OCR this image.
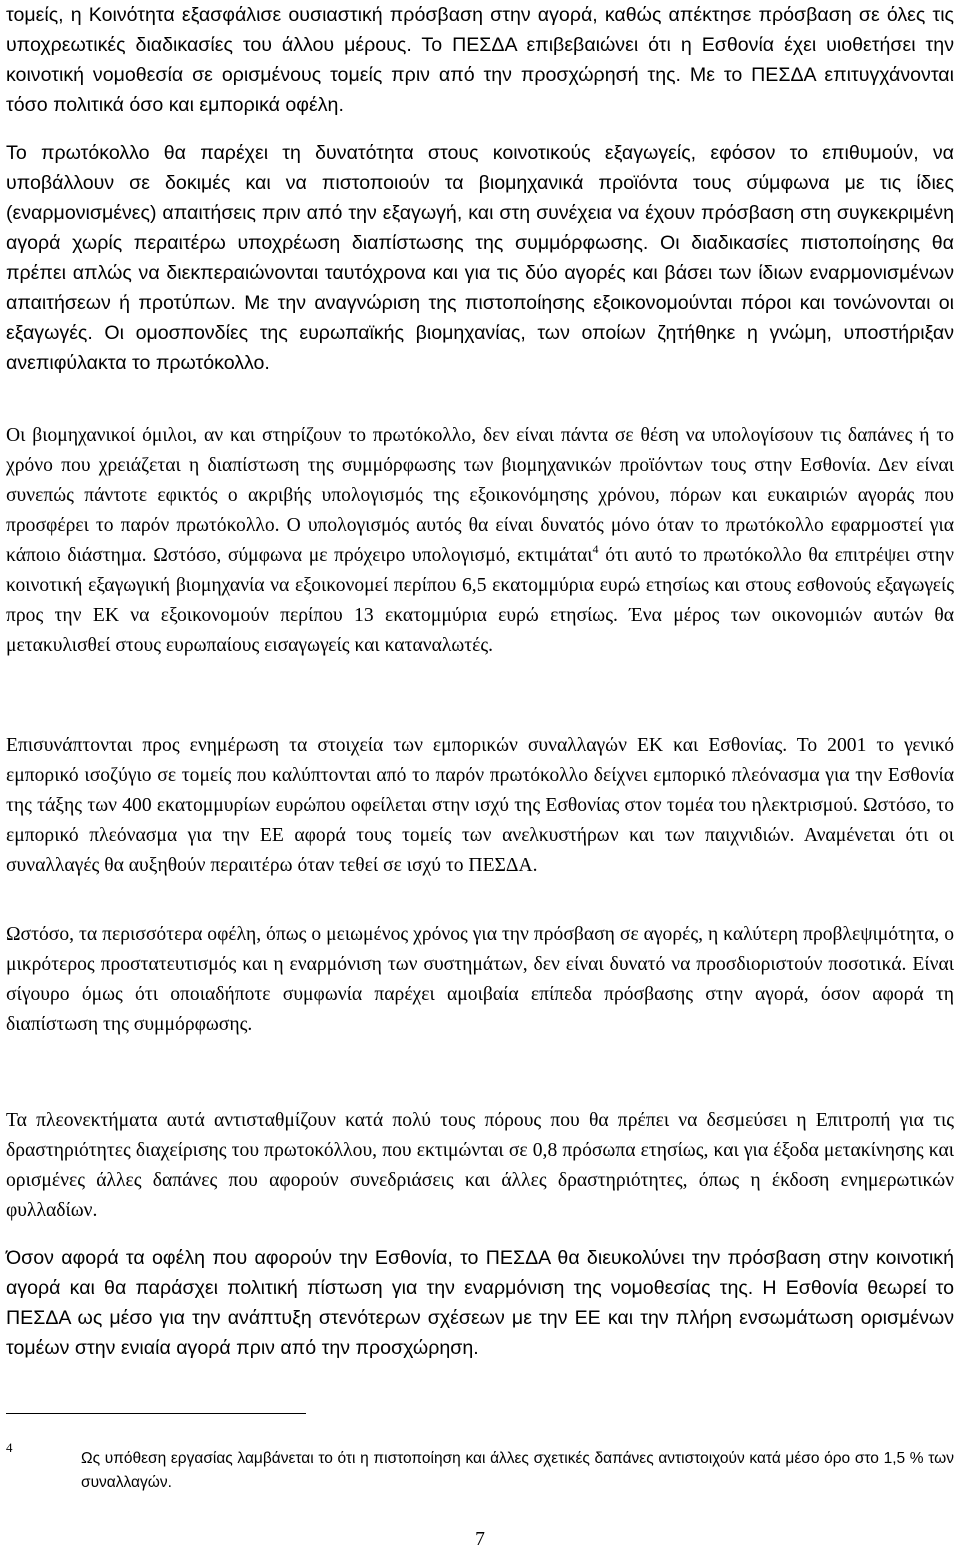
τομείς, η Κοινότητα εξασφάλισε ουσιαστική πρόσβαση στην αγορά, καθώς απέκτησε πρόσβαση σε όλες τις υποχρεωτικές διαδικασίες του άλλου μέρους. Το ΠΕΣΔΑ επιβεβαιώνει ότι η Εσθονία έχει υιοθετήσει την κοινοτική νομοθεσία σε ορισμένους τομείς πριν από την προσχώρησή της. Με το ΠΕΣΔΑ επιτυγχάνονται τόσο πολιτικά όσο και εμπορικά οφέλη.

Το πρωτόκολλο θα παρέχει τη δυνατότητα στους κοινοτικούς εξαγωγείς, εφόσον το επιθυμούν, να υποβάλλουν σε δοκιμές και να πιστοποιούν τα βιομηχανικά προϊόντα τους σύμφωνα με τις ίδιες (εναρμονισμένες) απαιτήσεις πριν από την εξαγωγή, και στη συνέχεια να έχουν πρόσβαση στη συγκεκριμένη αγορά χωρίς περαιτέρω υποχρέωση διαπίστωσης της συμμόρφωσης. Οι διαδικασίες πιστοποίησης θα πρέπει απλώς να διεκπεραιώνονται ταυτόχρονα και για τις δύο αγορές και βάσει των ίδιων εναρμονισμένων απαιτήσεων ή προτύπων. Με την αναγνώριση της πιστοποίησης εξοικονομούνται πόροι και τονώνονται οι εξαγωγές. Οι ομοσπονδίες της ευρωπαϊκής βιομηχανίας, των οποίων ζητήθηκε η γνώμη, υποστήριξαν ανεπιφύλακτα το πρωτόκολλο.

Οι βιομηχανικοί όμιλοι, αν και στηρίζουν το πρωτόκολλο, δεν είναι πάντα σε θέση να υπολογίσουν τις δαπάνες ή το χρόνο που χρειάζεται η διαπίστωση της συμμόρφωσης των βιομηχανικών προϊόντων τους στην Εσθονία. Δεν είναι συνεπώς πάντοτε εφικτός ο ακριβής υπολογισμός της εξοικονόμησης χρόνου, πόρων και ευκαιριών αγοράς που προσφέρει το παρόν πρωτόκολλο. Ο υπολογισμός αυτός θα είναι δυνατός μόνο όταν το πρωτόκολλο εφαρμοστεί για κάποιο διάστημα. Ωστόσο, σύμφωνα με πρόχειρο υπολογισμό, εκτιμάται$^4$ ότι αυτό το πρωτόκολλο θα επιτρέψει στην κοινοτική εξαγωγική βιομηχανία να εξοικονομεί περίπου 6,5 εκατομμύρια ευρώ ετησίως και στους εσθονούς εξαγωγείς προς την ΕΚ να εξοικονομούν περίπου 13 εκατομμύρια ευρώ ετησίως. Ένα μέρος των οικονομιών αυτών θα μετακυλισθεί στους ευρωπαίους εισαγωγείς και καταναλωτές.

Επισυνάπτονται προς ενημέρωση τα στοιχεία των εμπορικών συναλλαγών ΕΚ και Εσθονίας. Το 2001 το γενικό εμπορικό ισοζύγιο σε τομείς που καλύπτονται από το παρόν πρωτόκολλο δείχνει εμπορικό πλεόνασμα για την Εσθονία της τάξης των 400 εκατομμυρίων ευρώπου οφείλεται στην ισχύ της Εσθονίας στον τομέα του ηλεκτρισμού. Ωστόσο, το εμπορικό πλεόνασμα για την ΕΕ αφορά τους τομείς των ανελκυστήρων και των παιχνιδιών. Αναμένεται ότι οι συναλλαγές θα αυξηθούν περαιτέρω όταν τεθεί σε ισχύ το ΠΕΣΔΑ.

Ωστόσο, τα περισσότερα οφέλη, όπως ο μειωμένος χρόνος για την πρόσβαση σε αγορές, η καλύτερη προβλεψιμότητα, ο μικρότερος προστατευτισμός και η εναρμόνιση των συστημάτων, δεν είναι δυνατό να προσδιοριστούν ποσοτικά. Είναι σίγουρο όμως ότι οποιαδήποτε συμφωνία παρέχει αμοιβαία επίπεδα πρόσβασης στην αγορά, όσον αφορά τη διαπίστωση της συμμόρφωσης.

Τα πλεονεκτήματα αυτά αντισταθμίζουν κατά πολύ τους πόρους που θα πρέπει να δεσμεύσει η Επιτροπή για τις δραστηριότητες διαχείρισης του πρωτοκόλλου, που εκτιμώνται σε 0,8 πρόσωπα ετησίως, και για έξοδα μετακίνησης και ορισμένες άλλες δαπάνες που αφορούν συνεδριάσεις και άλλες δραστηριότητες, όπως η έκδοση ενημερωτικών φυλλαδίων.

Όσον αφορά τα οφέλη που αφορούν την Εσθονία, το ΠΕΣΔΑ θα διευκολύνει την πρόσβαση στην κοινοτική αγορά και θα παράσχει πολιτική πίστωση για την εναρμόνιση της νομοθεσίας της. Η Εσθονία θεωρεί το ΠΕΣΔΑ ως μέσο για την ανάπτυξη στενότερων σχέσεων με την ΕΕ και την πλήρη ενσωμάτωση ορισμένων τομέων στην ενιαία αγορά πριν από την προσχώρηση.

4

Ως υπόθεση εργασίας λαμβάνεται το ότι η πιστοποίηση και άλλες σχετικές δαπάνες αντιστοιχούν κατά μέσο όρο στο 1,5 % των συναλλαγών.

7
